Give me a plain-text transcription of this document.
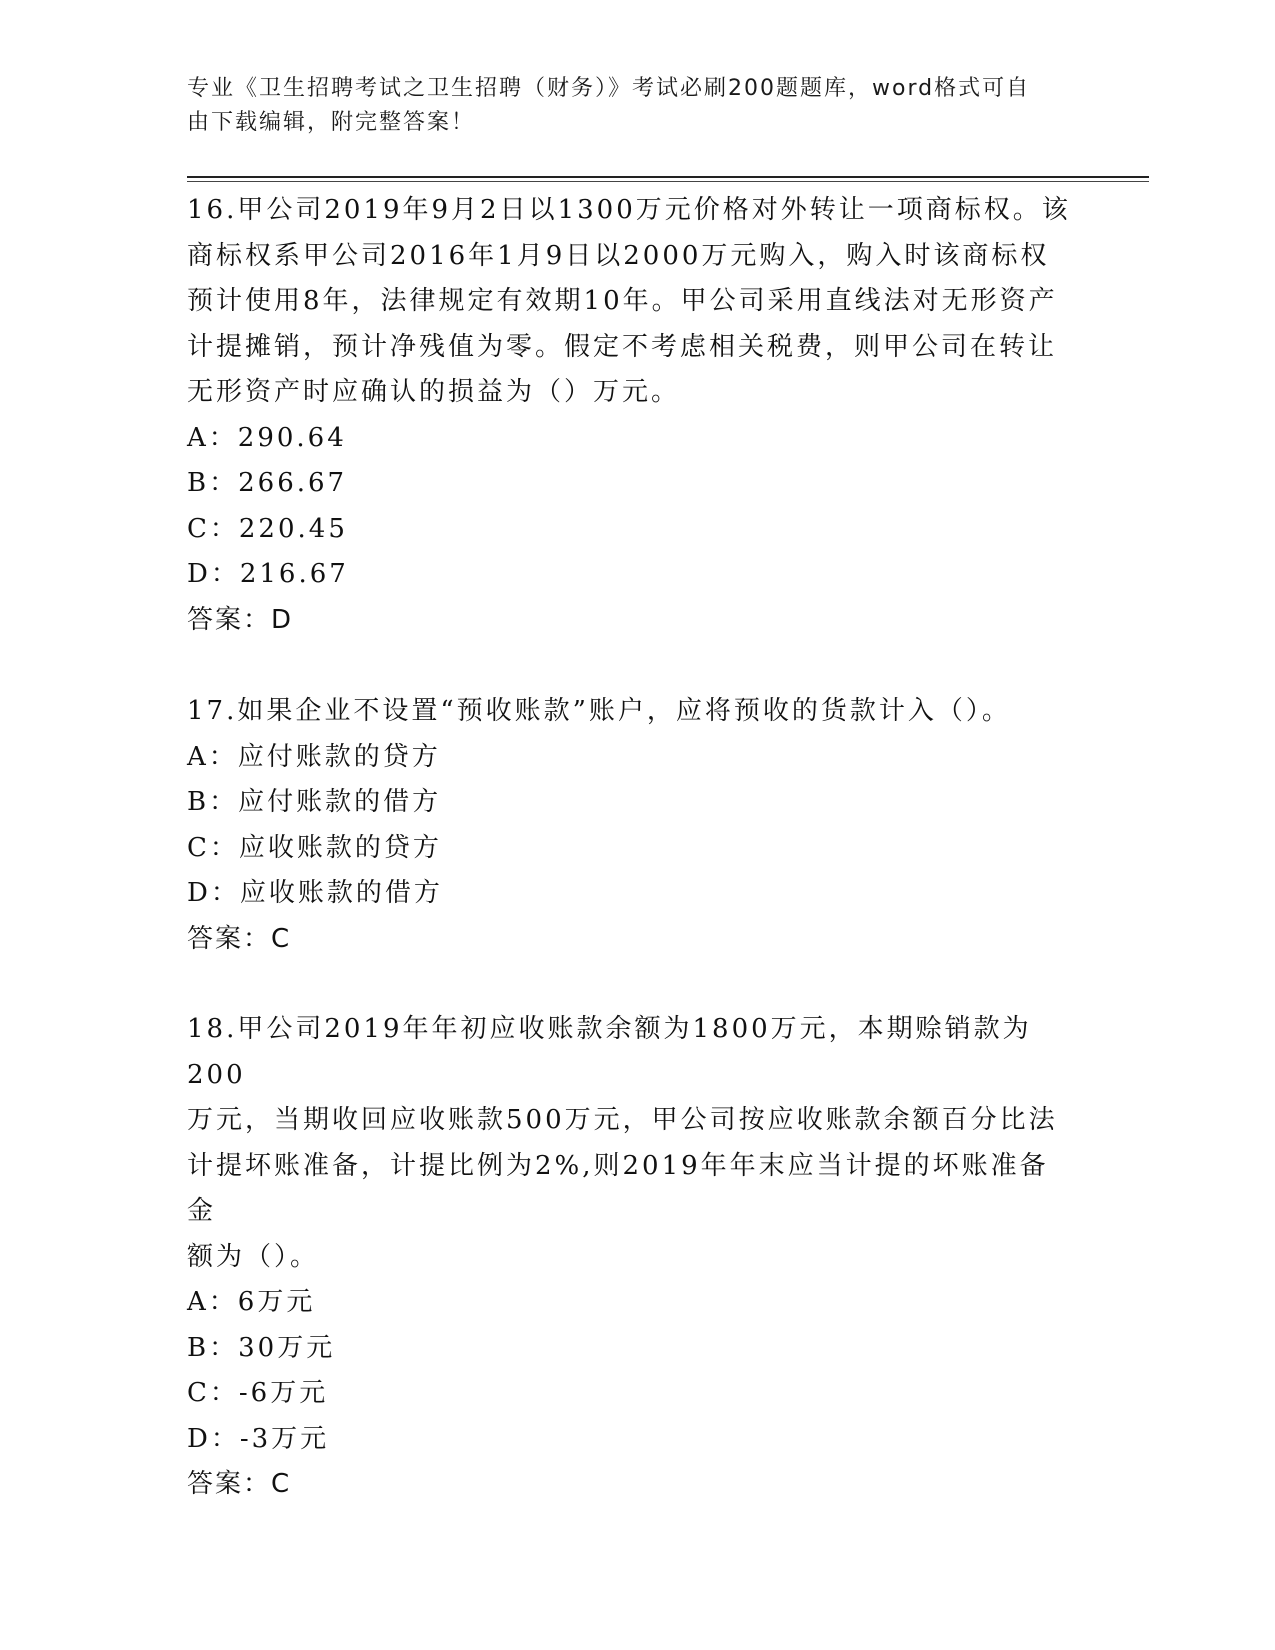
专业《卫生招聘考试之卫生招聘（财务）》考试必刷200题题库，word格式可自
由下载编辑，附完整答案！

16.甲公司2019年9月2日以1300万元价格对外转让一项商标权。该

商标权系甲公司2016年1月9日以2000万元购入，购入时该商标权

预计使用8年，法律规定有效期10年。甲公司采用直线法对无形资产

计提摊销，预计净残值为零。假定不考虑相关税费，则甲公司在转让

无形资产时应确认的损益为（）万元。

A：290.64

B：266.67

C：220.45

D：216.67

答案：D

17.如果企业不设置“预收账款”账户，应将预收的货款计入（）。

A：应付账款的贷方

B：应付账款的借方

C：应收账款的贷方

D：应收账款的借方

答案：C

18.甲公司2019年年初应收账款余额为1800万元，本期赊销款为200

万元，当期收回应收账款500万元，甲公司按应收账款余额百分比法

计提坏账准备，计提比例为2%,则2019年年末应当计提的坏账准备金

额为（）。

A：6万元

B：30万元

C：-6万元

D：-3万元

答案：C
